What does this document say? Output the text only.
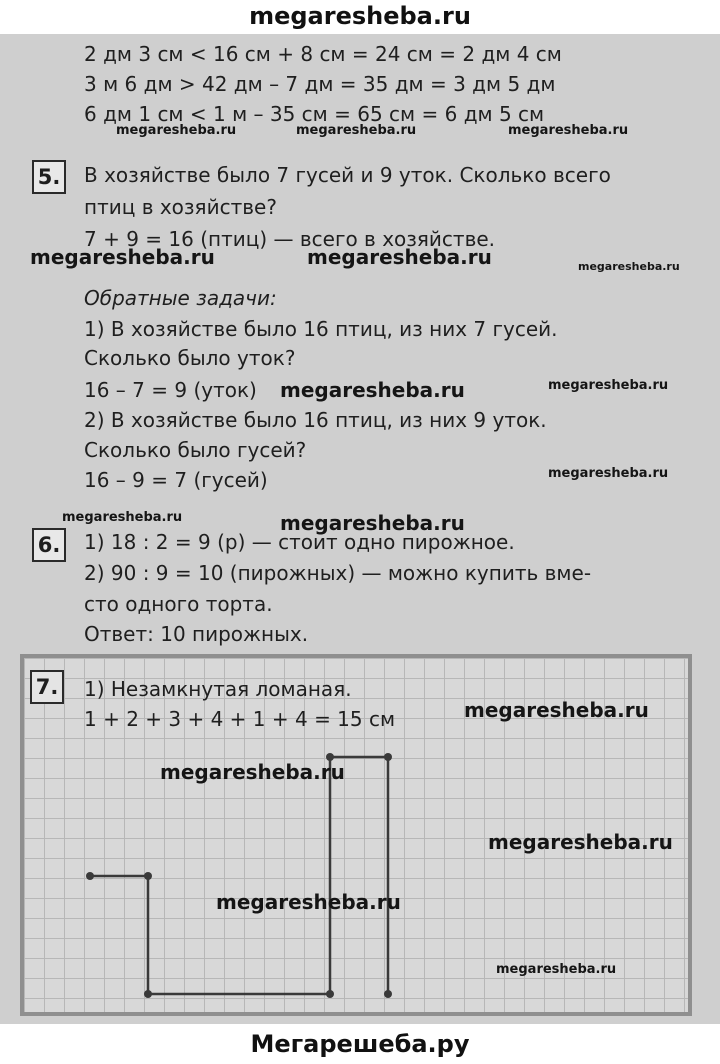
megaresheba.ru
2 дм 3 см < 16 см + 8 см = 24 см = 2 дм 4 см
3 м 6 дм > 42 дм – 7 дм = 35 дм = 3 дм 5 дм
6 дм 1 см < 1 м – 35 см = 65 см = 6 дм 5 см
megaresheba.ru	megaresheba.ru	megaresheba.ru
5. В хозяйстве было 7 гусей и 9 уток. Сколько всего
птиц в хозяйстве?
7 + 9 = 16 (птиц) — всего в хозяйстве.
megaresheba.ru	megaresheba.ru	megaresheba.ru
Обратные задачи:
1) В хозяйстве было 16 птиц, из них 7 гусей.
Сколько было уток?
16 – 7 = 9 (уток) megaresheba.ru	megaresheba.ru
2) В хозяйстве было 16 птиц, из них 9 уток.
Сколько было гусей?
16 – 9 = 7 (гусей)	megaresheba.ru
megaresheba.ru	megaresheba.ru
6. 1) 18 : 2 = 9 (р) — стоит одно пирожное.
2) 90 : 9 = 10 (пирожных) — можно купить вме-
сто одного торта.
Ответ: 10 пирожных.
7. 1) Незамкнутая ломаная.
1 + 2 + 3 + 4 + 1 + 4 = 15 см	megaresheba.ru
megaresheba.ru
megaresheba.ru
megaresheba.ru
megaresheba.ru
Мегарешеба.ру
